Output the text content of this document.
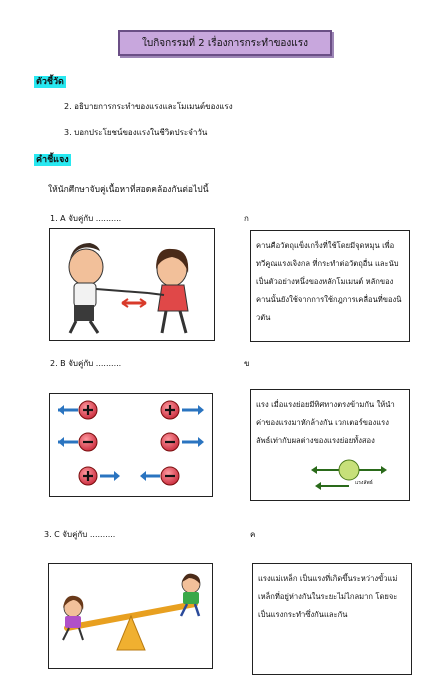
ใบกิจกรรมที่ 2 เรื่องการกระทำของแรง
ตัวชี้วัด
2. อธิบายการกระทำของแรงและโมเมนต์ของแรง
3. บอกประโยชน์ของแรงในชีวิตประจำวัน
คำชี้แจง
ให้นักศึกษาจับคู่เนื้อหาที่สอดคล้องกันต่อไปนี้
1. A จับคู่กับ ..........	ก
คานคือวัตถุแข็งเกร็งที่ใช้โดยมีจุดหมุน เพื่อทวีคูณแรงเจิงกล ที่กระทำต่อวัตถุอื่น และนับเป็นตัวอย่างหนึ่งของหลักโมเมนต์ หลักของคานนั้นยังใช้จากการใช้กฎการเคลื่อนที่ของนิวตัน
2. B จับคู่กับ ..........	ข
แรง เมื่อแรงย่อยมีทิศทางตรงข้ามกัน ให้นำค่าของแรงมาหักล้างกัน เวกเตอร์ของแรงลัพธ์เท่ากับผลต่างของแรงย่อยทั้งสอง
แรงลัพธ์
3. C จับคู่กับ ..........	ค
แรงแม่เหล็ก เป็นแรงที่เกิดขึ้นระหว่างขั้วแม่เหล็กที่อยู่ห่างกันในระยะไม่ไกลมาก โดยจะเป็นแรงกระทำซึ่งกันและกัน
